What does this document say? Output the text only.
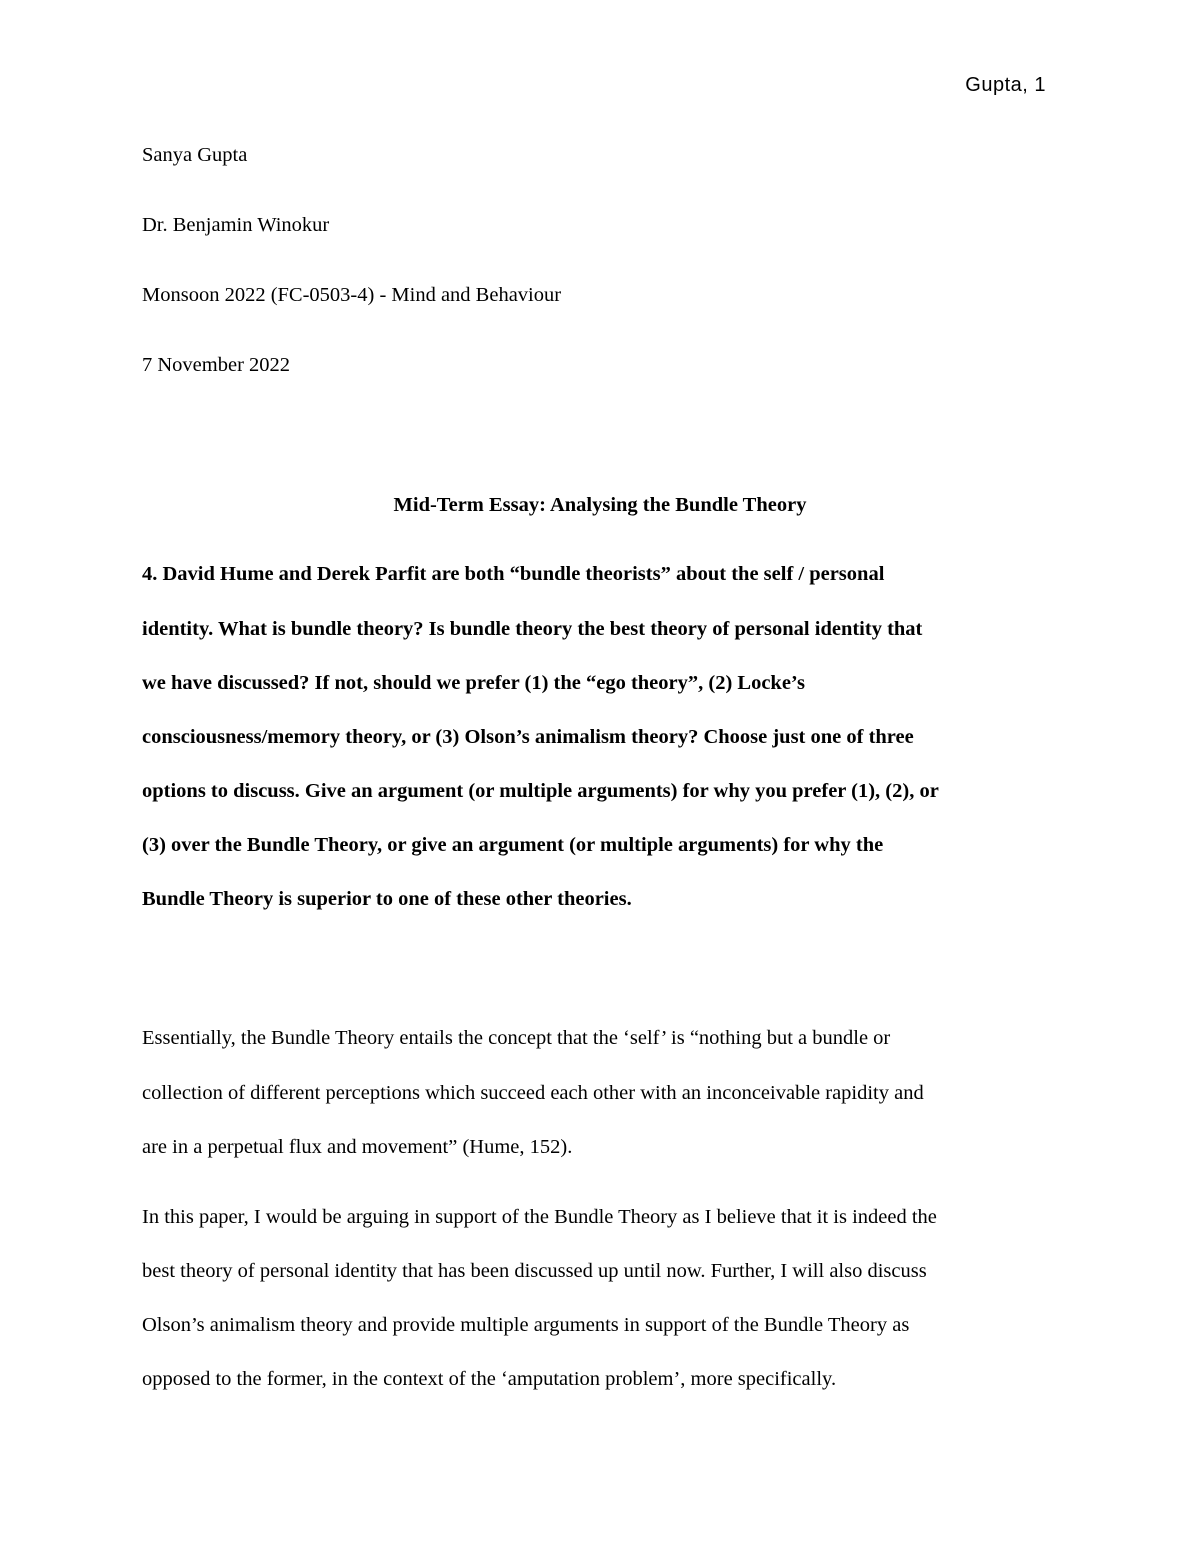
Gupta, 1
Sanya Gupta
Dr. Benjamin Winokur
Monsoon 2022 (FC-0503-4) - Mind and Behaviour
7 November 2022
Mid-Term Essay: Analysing the Bundle Theory
4. David Hume and Derek Parfit are both “bundle theorists” about the self / personal
identity. What is bundle theory? Is bundle theory the best theory of personal identity that
we have discussed? If not, should we prefer (1) the “ego theory”, (2) Locke’s
consciousness/memory theory, or (3) Olson’s animalism theory? Choose just one of three
options to discuss. Give an argument (or multiple arguments) for why you prefer (1), (2), or
(3) over the Bundle Theory, or give an argument (or multiple arguments) for why the
Bundle Theory is superior to one of these other theories.
Essentially, the Bundle Theory entails the concept that the ‘self’ is “nothing but a bundle or
collection of different perceptions which succeed each other with an inconceivable rapidity and
are in a perpetual flux and movement” (Hume, 152).
In this paper, I would be arguing in support of the Bundle Theory as I believe that it is indeed the
best theory of personal identity that has been discussed up until now. Further, I will also discuss
Olson’s animalism theory and provide multiple arguments in support of the Bundle Theory as
opposed to the former, in the context of the ‘amputation problem’, more specifically.
